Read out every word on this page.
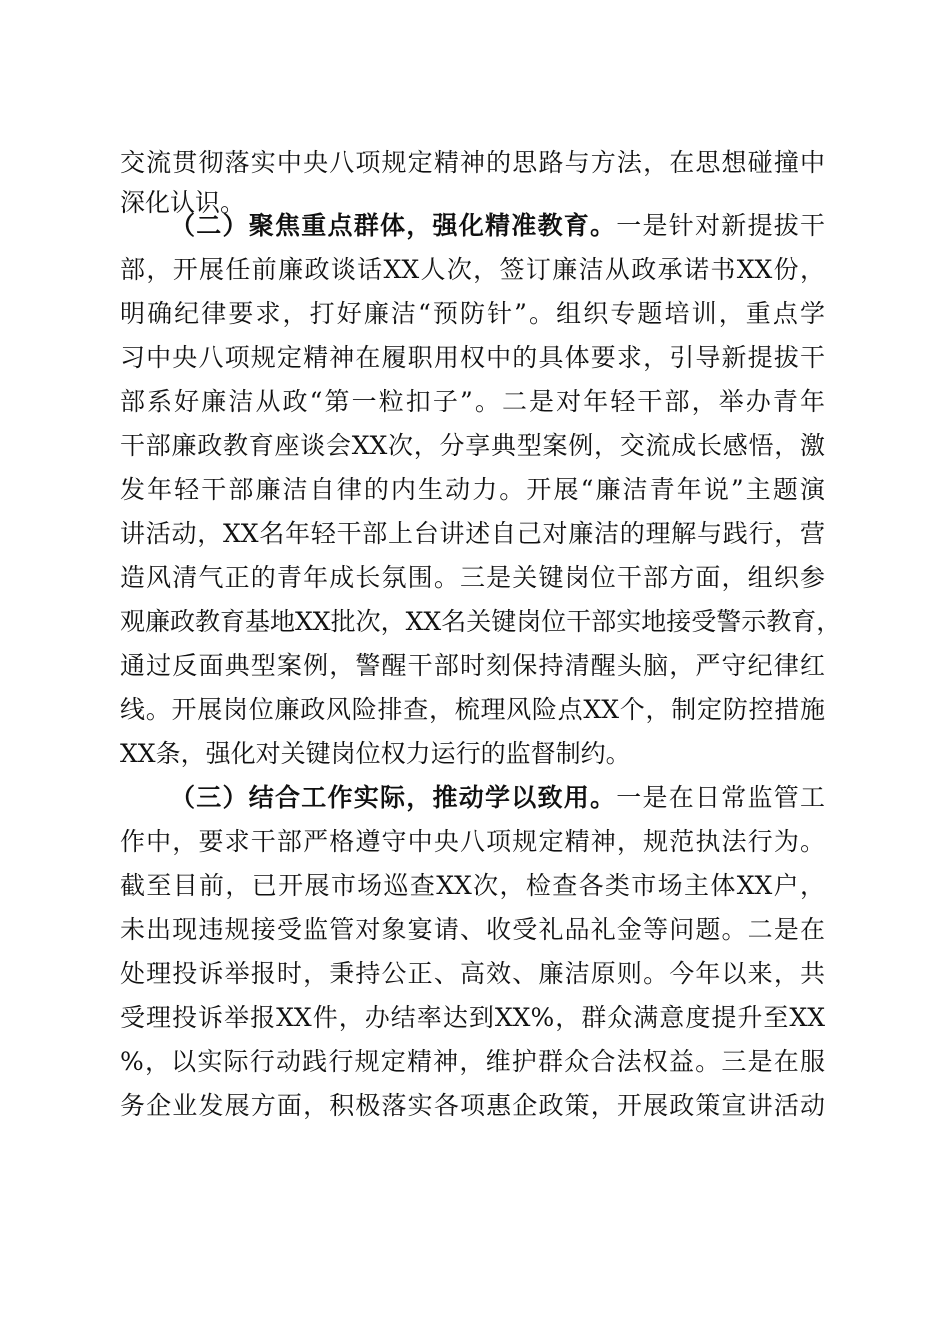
交流贯彻落实中央八项规定精神的思路与方法，在思想碰撞中
深化认识。
（二）聚焦重点群体，强化精准教育。一是针对新提拔干
部，开展任前廉政谈话XX人次，签订廉洁从政承诺书XX份，
明确纪律要求，打好廉洁“预防针”。组织专题培训，重点学
习中央八项规定精神在履职用权中的具体要求，引导新提拔干
部系好廉洁从政“第一粒扣子”。二是对年轻干部，举办青年
干部廉政教育座谈会XX次，分享典型案例，交流成长感悟，激
发年轻干部廉洁自律的内生动力。开展“廉洁青年说”主题演
讲活动，XX名年轻干部上台讲述自己对廉洁的理解与践行，营
造风清气正的青年成长氛围。三是关键岗位干部方面，组织参
观廉政教育基地XX批次，XX名关键岗位干部实地接受警示教育，
通过反面典型案例，警醒干部时刻保持清醒头脑，严守纪律红
线。开展岗位廉政风险排查，梳理风险点XX个，制定防控措施
XX条，强化对关键岗位权力运行的监督制约。
（三）结合工作实际，推动学以致用。一是在日常监管工
作中，要求干部严格遵守中央八项规定精神，规范执法行为。
截至目前，已开展市场巡查XX次，检查各类市场主体XX户，
未出现违规接受监管对象宴请、收受礼品礼金等问题。二是在
处理投诉举报时，秉持公正、高效、廉洁原则。今年以来，共
受理投诉举报XX件，办结率达到XX%，群众满意度提升至XX
%，以实际行动践行规定精神，维护群众合法权益。三是在服
务企业发展方面，积极落实各项惠企政策，开展政策宣讲活动
